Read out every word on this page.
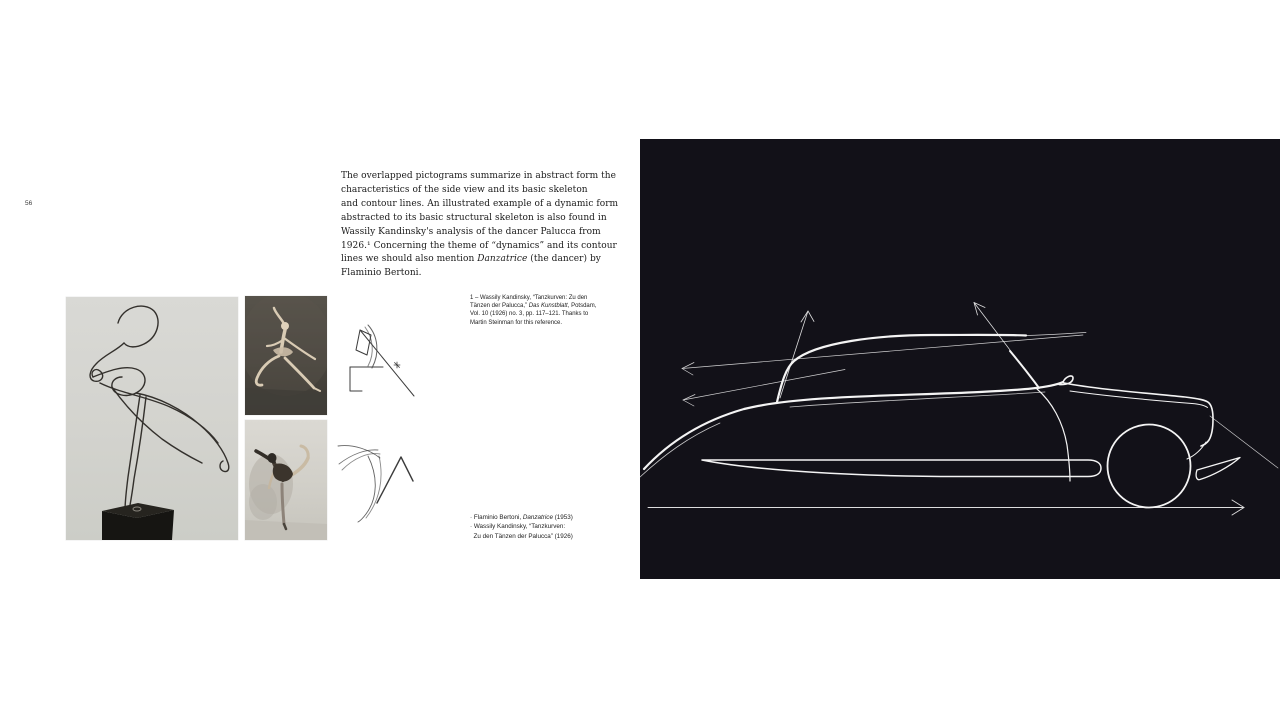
56
The overlapped pictograms summarize in abstract form the
characteristics of the side view and its basic skeleton
and contour lines. An illustrated example of a dynamic form
abstracted to its basic structural skeleton is also found in
Wassily Kandinsky's analysis of the dancer Palucca from
1926.¹ Concerning the theme of “dynamics” and its contour
lines we should also mention Danzatrice (the dancer) by
Flaminio Bertoni.
1 – Wassily Kandinsky, “Tanzkurven: Zu den
Tänzen der Palucca,” Das Kunstblatt, Potsdam,
Vol. 10 (1926) no. 3, pp. 117–121. Thanks to
Martin Steinman for this reference.
· Flaminio Bertoni, Danzatrice (1953)
· Wassily Kandinsky, “Tanzkurven:
Zu den Tänzen der Palucca” (1926)
